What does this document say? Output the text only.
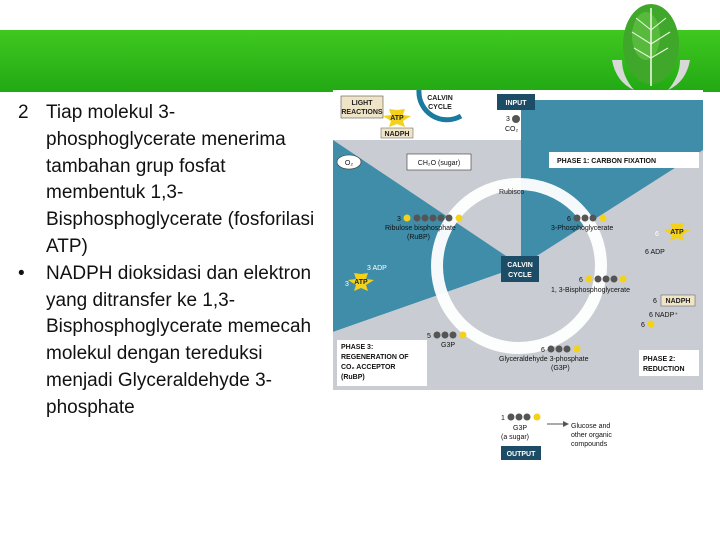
2 Tiap molekul 3-phosphoglycerate menerima tambahan grup fosfat membentuk 1,3-Bisphosphoglycerate (fosforilasi ATP)
• NADPH dioksidasi dan elektron yang ditransfer ke 1,3-Bisphosphoglycerate memecah molekul dengan tereduksi menjadi Glyceraldehyde 3-phosphate
LIGHT
REACTIONS
CALVIN
CYCLE
ATP
NADPH
O₂	CH₂O (sugar)
INPUT
3
CO₂
PHASE 1: CARBON FIXATION
Rubisco
3
Ribulose bisphosphate
(RuBP)
6
3-Phosphoglycerate
6 ATP
6 ADP
CALVIN
CYCLE
3 ADP
3 ATP	6
1, 3-Bisphosphoglycerate
6 NADPH
6 NADP⁺
6
5
G3P
6
Glyceraldehyde 3-phosphate
(G3P)
PHASE 3:
REGENERATION OF
CO₂ ACCEPTOR
(RuBP)
PHASE 2:
REDUCTION
1
G3P
(a sugar)
OUTPUT
Glucose and
other organic
compounds
